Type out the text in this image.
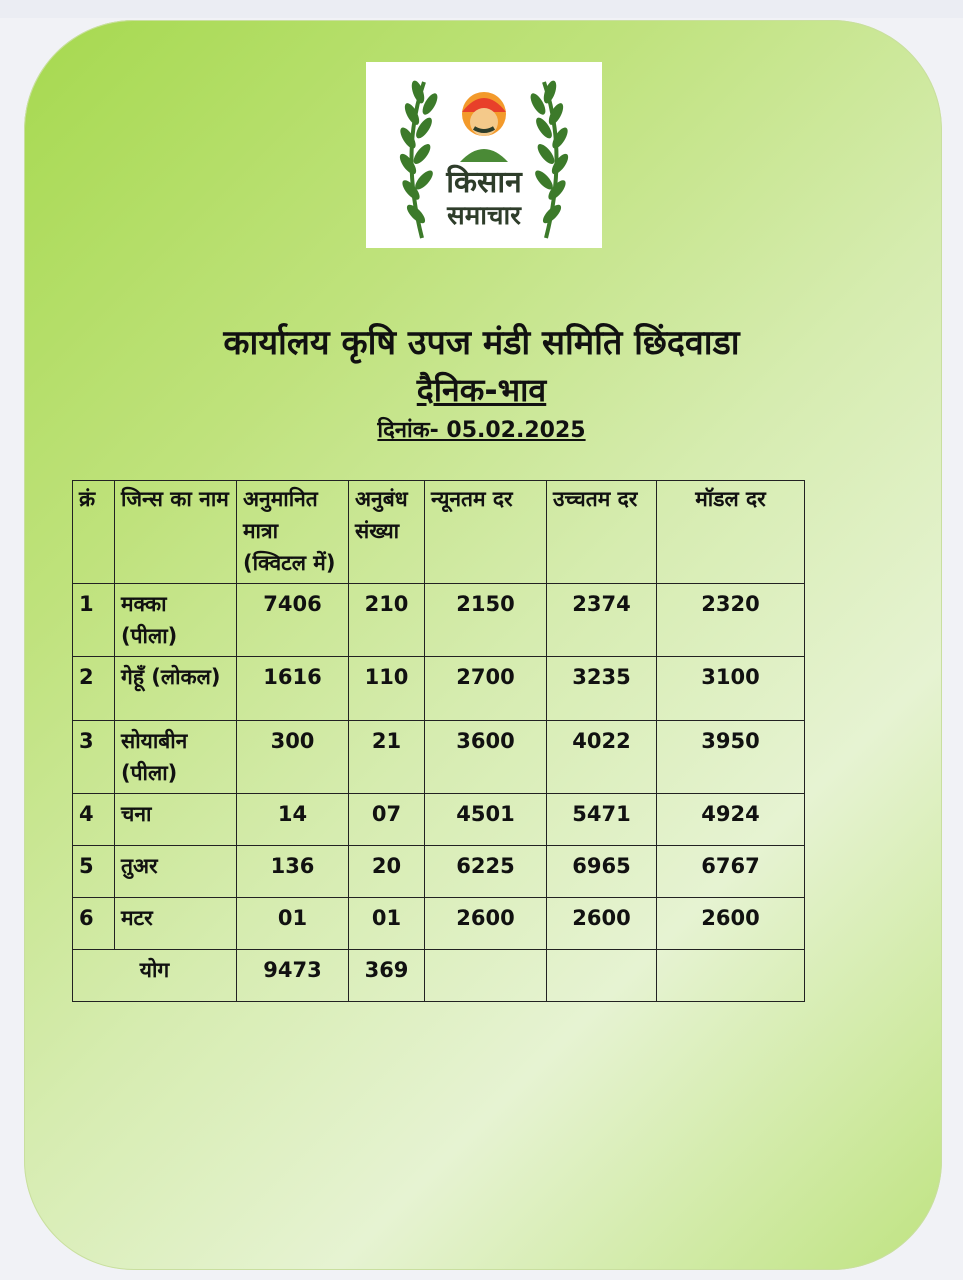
किसान
समाचार
कार्यालय कृषि उपज मंडी समिति छिंदवाडा
दैनिक-भाव
दिनांक- 05.02.2025
क्रं	जिन्स का नाम	अनुमानित मात्रा (क्विटल में)	अनुबंध संख्या	न्यूनतम दर	उच्चतम दर	मॉडल दर
1	मक्का (पीला)	7406	210	2150	2374	2320
2	गेहूँ (लोकल)	1616	110	2700	3235	3100
3	सोयाबीन (पीला)	300	21	3600	4022	3950
4	चना	14	07	4501	5471	4924
5	तुअर	136	20	6225	6965	6767
6	मटर	01	01	2600	2600	2600
योग		9473	369			
